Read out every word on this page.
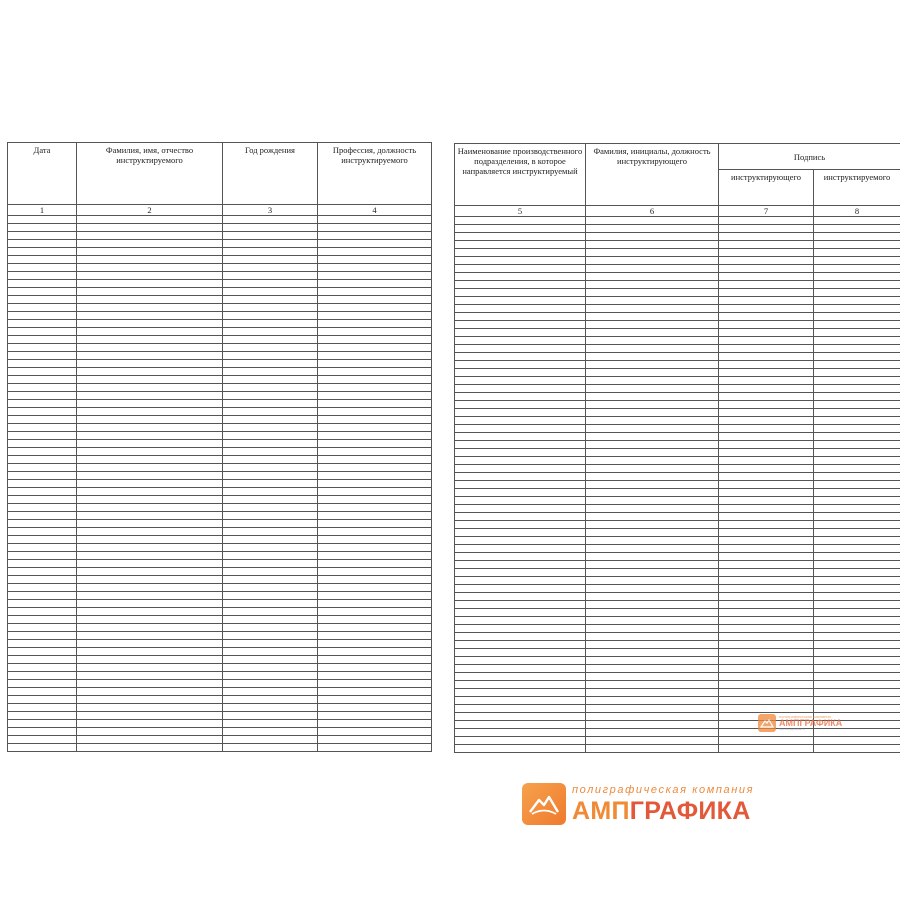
Дата	Фамилия, имя, отчество инструктируемого	Год рождения	Профессия, должность инструктируемого
1	2	3	4

Наименование производственного подразделения, в которое направляется инструктируемый	Фамилия, инициалы, должность инструктирующего	Подпись	
		инструктирующего	инструктируемого
5	6	7	8

полиграфическая компания
АМПГРАФИКА
http://ampgrafika.ru
полиграфическая компания
АМПГРАФИКА
